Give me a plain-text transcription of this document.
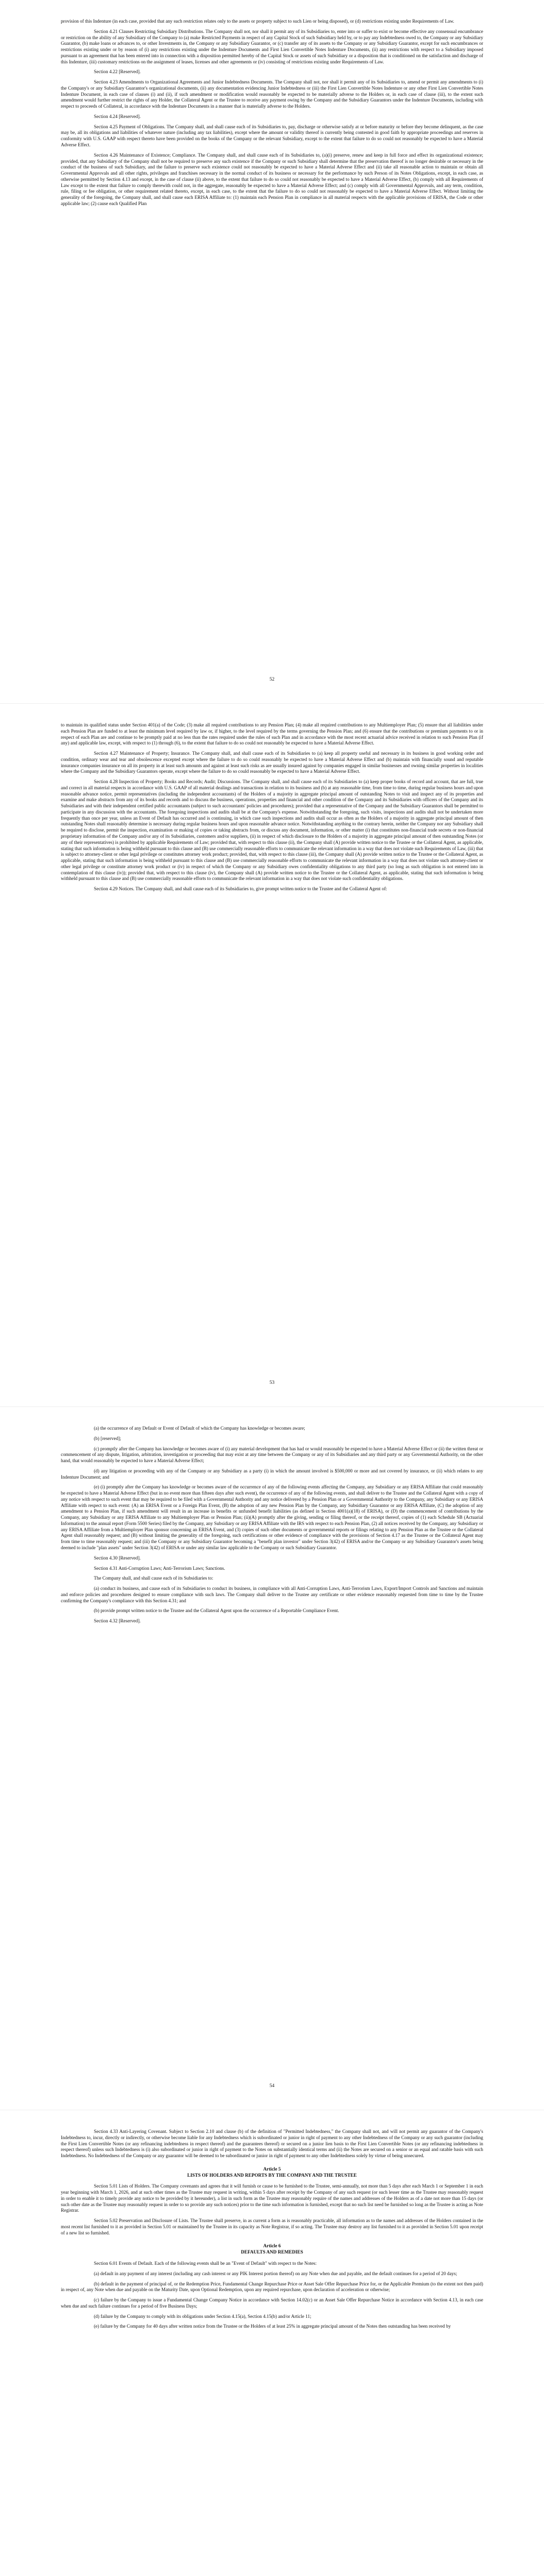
provision of this Indenture (in each case, provided that any such restriction relates only to the assets or property subject to such Lien or being disposed), or (d) restrictions existing under Requirements of Law.

Section 4.21 Clauses Restricting Subsidiary Distributions. The Company shall not, nor shall it permit any of its Subsidiaries to, enter into or suffer to exist or become effective any consensual encumbrance or restriction on the ability of any Subsidiary of the Company to (a) make Restricted Payments in respect of any Capital Stock of such Subsidiary held by, or to pay any Indebtedness owed to, the Company or any Subsidiary Guarantor, (b) make loans or advances to, or other Investments in, the Company or any Subsidiary Guarantor, or (c) transfer any of its assets to the Company or any Subsidiary Guarantor, except for such encumbrances or restrictions existing under or by reason of (i) any restrictions existing under the Indenture Documents and First Lien Convertible Notes Indenture Documents, (ii) any restrictions with respect to a Subsidiary imposed pursuant to an agreement that has been entered into in connection with a disposition permitted hereby of the Capital Stock or assets of such Subsidiary or a disposition that is conditioned on the satisfaction and discharge of this Indenture, (iii) customary restrictions on the assignment of leases, licenses and other agreements or (iv) consisting of restrictions existing under Requirements of Law.

Section 4.22 [Reserved].

Section 4.23 Amendments to Organizational Agreements and Junior Indebtedness Documents. The Company shall not, nor shall it permit any of its Subsidiaries to, amend or permit any amendments to (i) the Company's or any Subsidiary Guarantor's organizational documents, (ii) any documentation evidencing Junior Indebtedness or (iii) the First Lien Convertible Notes Indenture or any other First Lien Convertible Notes Indenture Document, in each case of clauses (i) and (ii), if such amendment or modification would reasonably be expected to be materially adverse to the Holders or, in each case of clause (iii), to the extent such amendment would further restrict the rights of any Holder, the Collateral Agent or the Trustee to receive any payment owing by the Company and the Subsidiary Guarantors under the Indenture Documents, including with respect to proceeds of Collateral, in accordance with the Indenture Documents in a manner that is materially adverse to the Holders.

Section 4.24 [Reserved].

Section 4.25 Payment of Obligations. The Company shall, and shall cause each of its Subsidiaries to, pay, discharge or otherwise satisfy at or before maturity or before they become delinquent, as the case may be, all its obligations and liabilities of whatever nature (including any tax liabilities), except where the amount or validity thereof is currently being contested in good faith by appropriate proceedings and reserves in conformity with U.S. GAAP with respect thereto have been provided on the books of the Company or the relevant Subsidiary, except to the extent that failure to do so could not reasonably be expected to have a Material Adverse Effect.

Section 4.26 Maintenance of Existence; Compliance. The Company shall, and shall cause each of its Subsidiaries to, (a)(i) preserve, renew and keep in full force and effect its organizational existence; provided, that any Subsidiary of the Company shall not be required to preserve any such existence if the Company or such Subsidiary shall determine that the preservation thereof is no longer desirable or necessary in the conduct of the business of such Subsidiary, and the failure to preserve such existence could not reasonably be expected to have a Material Adverse Effect and (ii) take all reasonable action to maintain or obtain all Governmental Approvals and all other rights, privileges and franchises necessary in the normal conduct of its business or necessary for the performance by such Person of its Notes Obligations, except, in each case, as otherwise permitted by Section 4.13 and except, in the case of clause (ii) above, to the extent that failure to do so could not reasonably be expected to have a Material Adverse Effect, (b) comply with all Requirements of Law except to the extent that failure to comply therewith could not, in the aggregate, reasonably be expected to have a Material Adverse Effect; and (c) comply with all Governmental Approvals, and any term, condition, rule, filing or fee obligation, or other requirement related thereto, except, in each case, to the extent that the failure to do so could not reasonably be expected to have a Material Adverse Effect. Without limiting the generality of the foregoing, the Company shall, and shall cause each ERISA Affiliate to: (1) maintain each Pension Plan in compliance in all material respects with the applicable provisions of ERISA, the Code or other applicable law; (2) cause each Qualified Plan

52

to maintain its qualified status under Section 401(a) of the Code; (3) make all required contributions to any Pension Plan; (4) make all required contributions to any Multiemployer Plan; (5) ensure that all liabilities under each Pension Plan are funded to at least the minimum level required by law or, if higher, to the level required by the terms governing the Pension Plan; and (6) ensure that the contributions or premium payments to or in respect of each Plan are and continue to be promptly paid at no less than the rates required under the rules of such Plan and in accordance with the most recent actuarial advice received in relation to such Pension Plan (if any) and applicable law, except, with respect to (1) through (6), to the extent that failure to do so could not reasonably be expected to have a Material Adverse Effect.

Section 4.27 Maintenance of Property; Insurance. The Company shall, and shall cause each of its Subsidiaries to (a) keep all property useful and necessary in its business in good working order and condition, ordinary wear and tear and obsolescence excepted except where the failure to do so could reasonably be expected to have a Material Adverse Effect and (b) maintain with financially sound and reputable insurance companies insurance on all its property in at least such amounts and against at least such risks as are usually insured against by companies engaged in similar businesses and owning similar properties in localities where the Company and the Subsidiary Guarantors operate, except where the failure to do so could reasonably be expected to have a Material Adverse Effect.

Section 4.28 Inspection of Property; Books and Records; Audit; Discussions. The Company shall, and shall cause each of its Subsidiaries to (a) keep proper books of record and account, that are full, true and correct in all material respects in accordance with U.S. GAAP of all material dealings and transactions in relation to its business and (b) at any reasonable time, from time to time, during regular business hours and upon reasonable advance notice, permit representatives (including the independent accountants) of the Holders of a majority in aggregate principal amount of outstanding Notes to visit and inspect any of its properties and examine and make abstracts from any of its books and records and to discuss the business, operations, properties and financial and other condition of the Company and its Subsidiaries with officers of the Company and its Subsidiaries and with their independent certified public accountants (subject to such accountants' policies and procedures); provided that a representative of the Company and the Subsidiary Guarantors shall be permitted to participate in any discussion with the accountants. The foregoing inspections and audits shall be at the Company's expense. Notwithstanding the foregoing, such visits, inspections and audits shall not be undertaken more frequently than once per year, unless an Event of Default has occurred and is continuing, in which case such inspections and audits shall occur as often as the Holders of a majority in aggregate principal amount of then outstanding Notes shall reasonably determine is necessary during regular business hours and upon reasonable advance notice. Notwithstanding anything to the contrary herein, neither the Company nor any Subsidiary shall be required to disclose, permit the inspection, examination or making of copies or taking abstracts from, or discuss any document, information, or other matter (i) that constitutes non-financial trade secrets or non-financial proprietary information of the Company and/or any of its Subsidiaries, customers and/or suppliers, (ii) in respect of which disclosure to the Holders of a majority in aggregate principal amount of then outstanding Notes (or any of their representatives) is prohibited by applicable Requirements of Law; provided that, with respect to this clause (ii), the Company shall (A) provide written notice to the Trustee or the Collateral Agent, as applicable, stating that such information is being withheld pursuant to this clause and (B) use commercially reasonable efforts to communicate the relevant information in a way that does not violate such Requirements of Law, (iii) that is subject to attorney-client or other legal privilege or constitutes attorney work product; provided, that, with respect to this clause (iii), the Company shall (A) provide written notice to the Trustee or the Collateral Agent, as applicable, stating that such information is being withheld pursuant to this clause and (B) use commercially reasonable efforts to communicate the relevant information in a way that does not violate such attorney-client or other legal privilege or constitute attorney work product or (iv) in respect of which the Company or any Subsidiary owes confidentiality obligations to any third party (so long as such obligation is not entered into in contemplation of this clause (iv)); provided that, with respect to this clause (iv), the Company shall (A) provide written notice to the Trustee or the Collateral Agent, as applicable, stating that such information is being withheld pursuant to this clause and (B) use commercially reasonable efforts to communicate the relevant information in a way that does not violate such confidentiality obligations.

Section 4.29 Notices. The Company shall, and shall cause each of its Subsidiaries to, give prompt written notice to the Trustee and the Collateral Agent of:

53

(a) the occurrence of any Default or Event of Default of which the Company has knowledge or becomes aware;

(b) [reserved];

(c) promptly after the Company has knowledge or becomes aware of (i) any material development that has had or would reasonably be expected to have a Material Adverse Effect or (ii) the written threat or commencement of any dispute, litigation, arbitration, investigation or proceeding that may exist at any time between the Company or any of its Subsidiaries and any third party or any Governmental Authority, on the other hand, that would reasonably be expected to have a Material Adverse Effect;

(d) any litigation or proceeding with any of the Company or any Subsidiary as a party (i) in which the amount involved is $500,000 or more and not covered by insurance, or (ii) which relates to any Indenture Document; and

(e) (i) promptly after the Company has knowledge or becomes aware of the occurrence of any of the following events affecting the Company, any Subsidiary or any ERISA Affiliate that could reasonably be expected to have a Material Adverse Effect (but in no event more than fifteen days after such event), the occurrence of any of the following events, and shall deliver to the Trustee and the Collateral Agent with a copy of any notice with respect to such event that may be required to be filed with a Governmental Authority and any notice delivered by a Pension Plan or a Governmental Authority to the Company, any Subsidiary or any ERISA Affiliate with respect to such event: (A) an ERISA Event or a Foreign Plan Event, (B) the adoption of any new Pension Plan by the Company, any Subsidiary Guarantor or any ERISA Affiliate, (C) the adoption of any amendment to a Pension Plan, if such amendment will result in an increase in benefits or unfunded benefit liabilities (as defined in Section 4001(a)(18) of ERISA), or (D) the commencement of contributions by the Company, any Subsidiary or any ERISA Affiliate to any Multiemployer Plan or Pension Plan; (ii)(A) promptly after the giving, sending or filing thereof, or the receipt thereof, copies of (1) each Schedule SB (Actuarial Information) to the annual report (Form 5500 Series) filed by the Company, any Subsidiary or any ERISA Affiliate with the IRS with respect to each Pension Plan, (2) all notices received by the Company, any Subsidiary or any ERISA Affiliate from a Multiemployer Plan sponsor concerning an ERISA Event, and (3) copies of such other documents or governmental reports or filings relating to any Pension Plan as the Trustee or the Collateral Agent shall reasonably request; and (B) without limiting the generality of the foregoing, such certifications or other evidence of compliance with the provisions of Section 4.17 as the Trustee or the Collateral Agent may from time to time reasonably request; and (iii) the Company or any Subsidiary Guarantor becoming a "benefit plan investor" under Section 3(42) of ERISA and/or the Company or any Subsidiary Guarantor's assets being deemed to include "plan assets" under Section 3(42) of ERISA or under any similar law applicable to the Company or such Subsidiary Guarantor.

Section 4.30 [Reserved].

Section 4.31 Anti-Corruption Laws; Anti-Terrorism Laws; Sanctions.

The Company shall, and shall cause each of its Subsidiaries to:

(a) conduct its business, and cause each of its Subsidiaries to conduct its business, in compliance with all Anti-Corruption Laws, Anti-Terrorism Laws, Export/Import Controls and Sanctions and maintain and enforce policies and procedures designed to ensure compliance with such laws. The Company shall deliver to the Trustee any certificate or other evidence reasonably requested from time to time by the Trustee confirming the Company's compliance with this Section 4.31; and

(b) provide prompt written notice to the Trustee and the Collateral Agent upon the occurrence of a Reportable Compliance Event.

Section 4.32 [Reserved].

54

Section 4.33 Anti-Layering Covenant. Subject to Section 2.10 and clause (b) of the definition of "Permitted Indebtedness," the Company shall not, and will not permit any guarantor of the Company's Indebtedness to, incur, directly or indirectly, or otherwise become liable for any Indebtedness which is subordinated or junior in right of payment to any other Indebtedness of the Company or any such guarantor (including the First Lien Convertible Notes (or any refinancing indebtedness in respect thereof) and the guarantees thereof) or secured on a junior lien basis to the First Lien Convertible Notes (or any refinancing indebtedness in respect thereof) unless such Indebtedness is (i) also subordinated or junior in right of payment to the Notes on substantially identical terms and (ii) the Notes are secured on a senior or an equal and ratable basis with such Indebtedness. No Indebtedness of the Company or any guarantor will be deemed to be subordinated or junior in right of payment to any other Indebtedness solely by virtue of being unsecured.

Article 5

LISTS OF HOLDERS AND REPORTS BY THE COMPANY AND THE TRUSTEE

Section 5.01 Lists of Holders. The Company covenants and agrees that it will furnish or cause to be furnished to the Trustee, semi-annually, not more than 5 days after each March 1 or September 1 in each year beginning with March 1, 2026, and at such other times as the Trustee may request in writing, within 5 days after receipt by the Company of any such request (or such lesser time as the Trustee may reasonably request in order to enable it to timely provide any notice to be provided by it hereunder), a list in such form as the Trustee may reasonably require of the names and addresses of the Holders as of a date not more than 15 days (or such other date as the Trustee may reasonably request in order to so provide any such notices) prior to the time such information is furnished, except that no such list need be furnished so long as the Trustee is acting as Note Registrar.

Section 5.02 Preservation and Disclosure of Lists. The Trustee shall preserve, in as current a form as is reasonably practicable, all information as to the names and addresses of the Holders contained in the most recent list furnished to it as provided in Section 5.01 or maintained by the Trustee in its capacity as Note Registrar, if so acting. The Trustee may destroy any list furnished to it as provided in Section 5.01 upon receipt of a new list so furnished.

Article 6

DEFAULTS AND REMEDIES

Section 6.01 Events of Default. Each of the following events shall be an "Event of Default" with respect to the Notes:

(a) default in any payment of any interest (including any cash interest or any PIK Interest portion thereof) on any Note when due and payable, and the default continues for a period of 20 days;

(b) default in the payment of principal of, or the Redemption Price, Fundamental Change Repurchase Price or Asset Sale Offer Repurchase Price for, or the Applicable Premium (to the extent not then paid) in respect of, any Note when due and payable on the Maturity Date, upon Optional Redemption, upon any required repurchase, upon declaration of acceleration or otherwise;

(c) failure by the Company to issue a Fundamental Change Company Notice in accordance with Section 14.02(c) or an Asset Sale Offer Repurchase Notice in accordance with Section 4.13, in each case when due and such failure continues for a period of five Business Days;

(d) failure by the Company to comply with its obligations under Section 4.15(a), Section 4.15(b) and/or Article 11;

(e) failure by the Company for 40 days after written notice from the Trustee or the Holders of at least 25% in aggregate principal amount of the Notes then outstanding has been received by
